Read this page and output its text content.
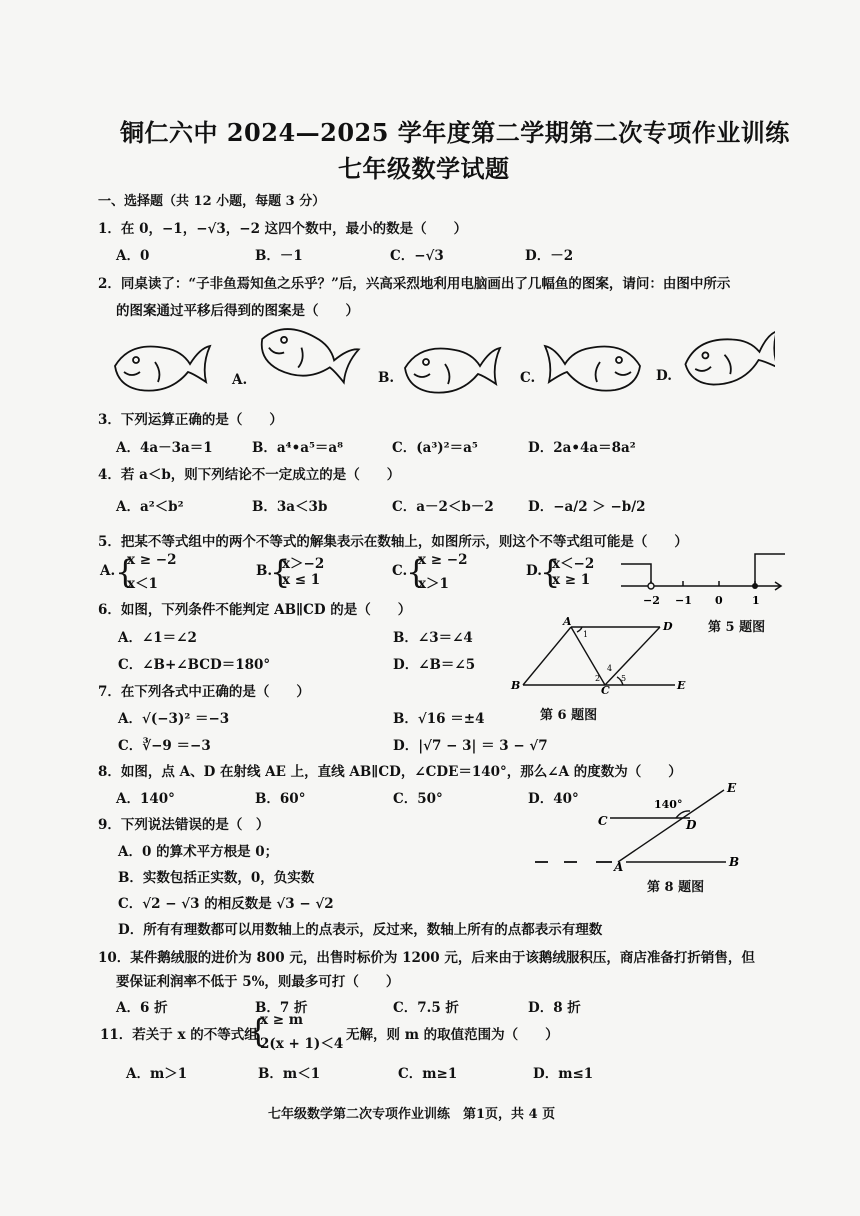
铜仁六中 2024—2025 学年度第二学期第二次专项作业训练
七年级数学试题
一、选择题（共 12 小题，每题 3 分）
1．在 0，−1，−√3，−2 这四个数中，最小的数是（　　）
A．0	B．－1	C．−√3	D．－2
2．同桌读了：“子非鱼焉知鱼之乐乎？”后，兴高采烈地利用电脑画出了几幅鱼的图案，请问：由图中所示
的图案通过平移后得到的图案是（　　）
A.	B.	C.	D.
3．下列运算正确的是（　　）
A．4a－3a＝1	B．a⁴•a⁵＝a⁸	C．(a³)²＝a⁵	D．2a•4a＝8a²
4．若 a＜b，则下列结论不一定成立的是（　　）
A．a²＜b²	B．3a＜3b	C．a－2＜b－2	D．−a/2 ＞ −b/2
5．把某不等式组中的两个不等式的解集表示在数轴上，如图所示，则这个不等式组可能是（　　）
A. {
x ≥ −2
x＜1
B.
{
x＞−2
x ≤ 1
C.
{
x ≥ −2
x＞1
D.
{
x＜−2
x ≥ 1
−2 −1 0	1
第 5 题图
6．如图，下列条件不能判定 AB∥CD 的是（　　）
A．∠1＝∠2	B．∠3＝∠4
C．∠B+∠BCD＝180°	D．∠B＝∠5
A	D
B	C	E
1
2
4
5
7．在下列各式中正确的是（　　）
第 6 题图
A．√(−3)² ＝−3	B．√16 ＝±4
C．∛−9 ＝−3	D．|√7 − 3| ＝ 3 − √7
8．如图，点 A、D 在射线 AE 上，直线 AB∥CD，∠CDE＝140°，那么∠A 的度数为（　　）
A．140°	B．60°	C．50°	D．40°
E
C	D
A	B
140°
9．下列说法错误的是（　）
A．0 的算术平方根是 0；
B．实数包括正实数，0，负实数
第 8 题图
C．√2 − √3 的相反数是 √3 − √2
D．所有有理数都可以用数轴上的点表示，反过来，数轴上所有的点都表示有理数
10．某件鹅绒服的进价为 800 元，出售时标价为 1200 元，后来由于该鹅绒服积压，商店准备打折销售，但
要保证利润率不低于 5%，则最多可打（　　）
A．6 折	B．7 折	C．7.5 折	D．8 折
11．若关于 x 的不等式组
{
x ≥ m
2(x + 1)＜4
无解，则 m 的取值范围为（　　）
A．m＞1	B．m＜1	C．m≥1	D．m≤1
七年级数学第二次专项作业训练　第1页，共 4 页
